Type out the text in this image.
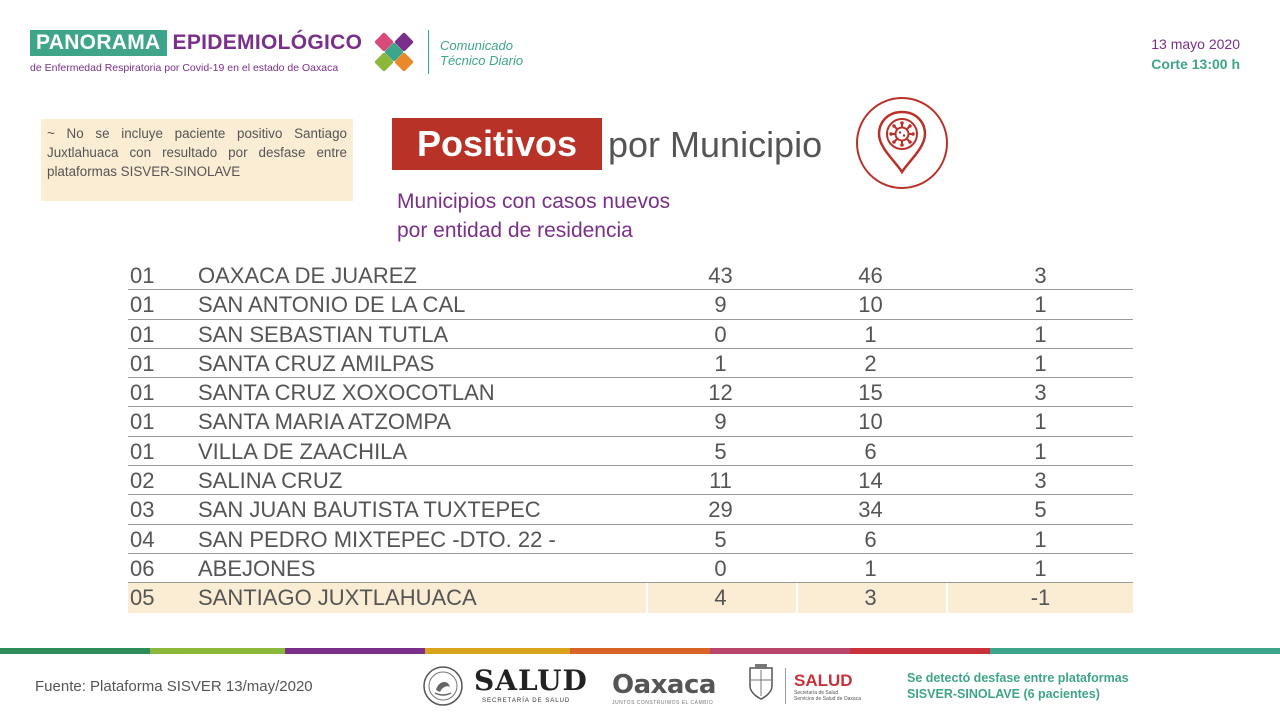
PANORAMA EPIDEMIOLÓGICO
de Enfermedad Respiratoria por Covid-19 en el estado de Oaxaca
Comunicado
Técnico Diario
13 mayo 2020
Corte 13:00 h
~ No se incluye paciente positivo Santiago Juxtlahuaca con resultado por desfase entre plataformas SISVER-SINOLAVE
Positivos por Municipio
Municipios con casos nuevos
por entidad de residencia
01 OAXACA DE JUAREZ	43	46	3
01 SAN ANTONIO DE LA CAL	9	10	1
01 SAN SEBASTIAN TUTLA	0	1	1
01 SANTA CRUZ AMILPAS	1	2	1
01 SANTA CRUZ XOXOCOTLAN	12	15	3
01 SANTA MARIA ATZOMPA	9	10	1
01 VILLA DE ZAACHILA	5	6	1
02 SALINA CRUZ	11	14	3
03 SAN JUAN BAUTISTA TUXTEPEC	29	34	5
04 SAN PEDRO MIXTEPEC -DTO. 22 -	5	6	1
06 ABEJONES	0	1	1
05 SANTIAGO JUXTLAHUACA	4	3	-1
Fuente: Plataforma SISVER 13/may/2020	SALUD
SECRETARÍA DE SALUD
Oaxaca
JUNTOS CONSTRUIMOS EL CAMBIO
SALUD
Secretaría de Salud
Servicios de Salud de Oaxaca
Se detectó desfase entre plataformas
SISVER-SINOLAVE (6 pacientes)
